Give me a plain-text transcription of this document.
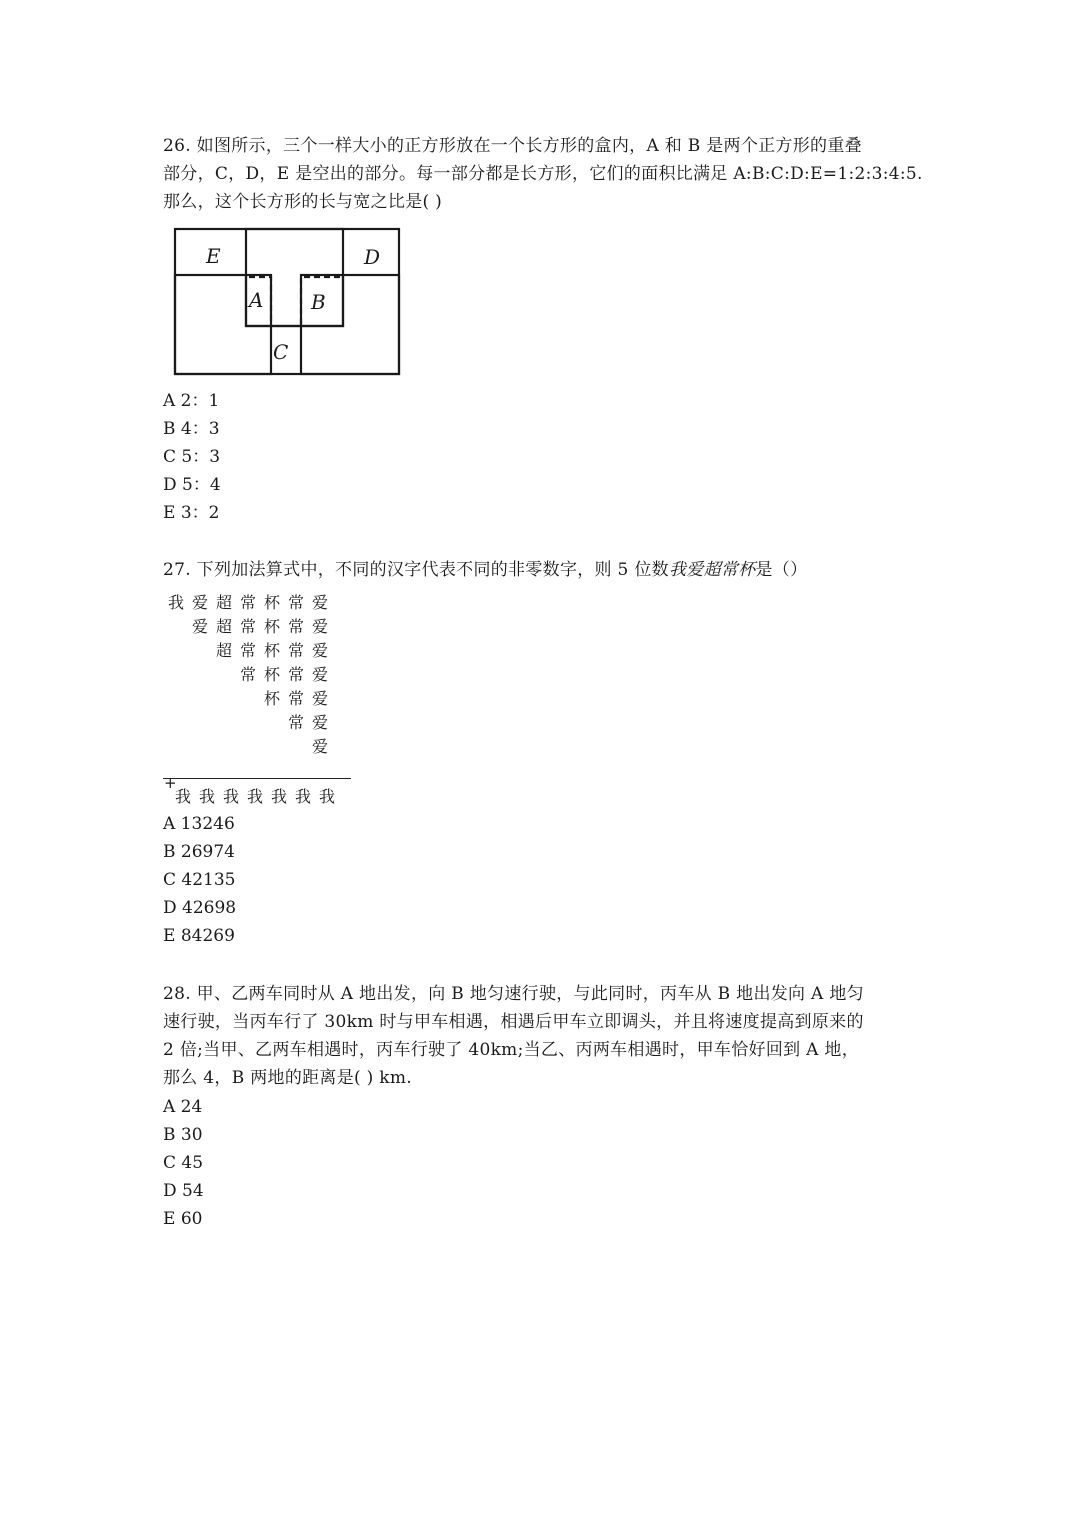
26. 如图所示，三个一样大小的正方形放在一个长方形的盒内，A 和 B 是两个正方形的重叠

部分，C，D，E 是空出的部分。每一部分都是长方形，它们的面积比满足 A:B:C:D:E=1:2:3:4:5.

那么，这个长方形的长与宽之比是( )

E	D
A B
C

A 2：1

B 4：3

C 5：3

D 5：4

E 3：2

27. 下列加法算式中，不同的汉字代表不同的非零数字，则 5 位数我爱超常杯是（）

我爱超常杯常爱
爱超常杯常爱
超常杯常爱
常杯常爱
杯常爱
常爱
爱
+
我我我我我我我

A 13246

B 26974

C 42135

D 42698

E 84269

28. 甲、乙两车同时从 A 地出发，向 B 地匀速行驶，与此同时，丙车从 B 地出发向 A 地匀

速行驶，当丙车行了 30km 时与甲车相遇，相遇后甲车立即调头，并且将速度提高到原来的

2 倍;当甲、乙两车相遇时，丙车行驶了 40km;当乙、丙两车相遇时，甲车恰好回到 A 地，

那么 4，B 两地的距离是( ) km.

A 24

B 30

C 45

D 54

E 60
